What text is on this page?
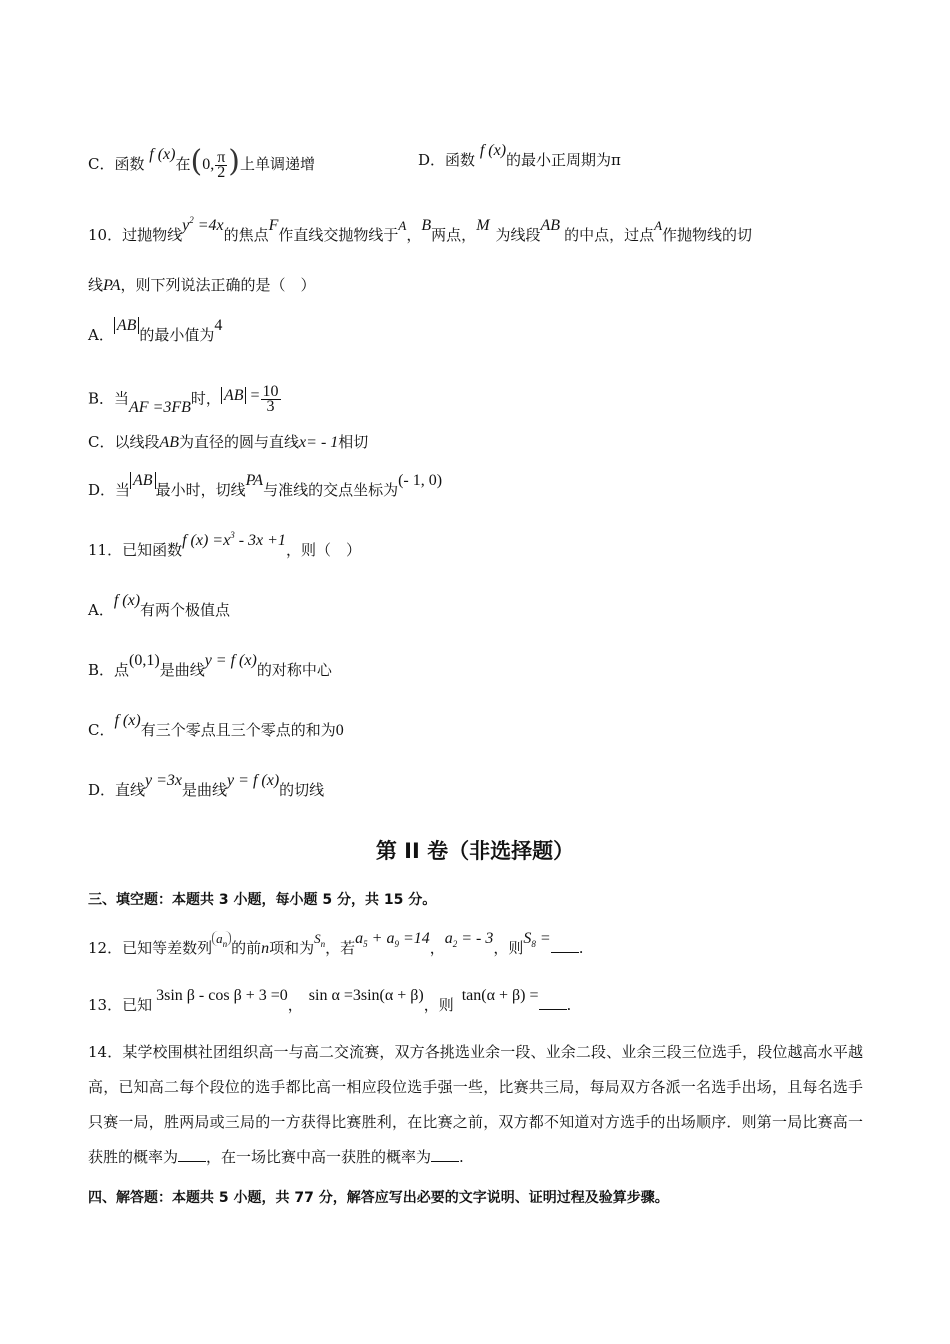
C．函数 f (x)在(0, $\frac{\pi}{2}$ )上单调递增	D．函数 f (x)的最小正周期为π
10．过抛物线$y^2 =4x$的焦点F作直线交抛物线于A，B两点，M为线段AB的中点，过点A作抛物线的切
线PA，则下列说法正确的是（　）
A．AB的最小值为4
B．当AF =3FB时， AB = $\frac{10}{3}$
C．以线段AB为直径的圆与直线x= - 1相切
D．当AB最小时，切线PA与准线的交点坐标为(- 1, 0)
11．已知函数f $(x) =x^3 - 3x +1$，则（　）
A．f (x)有两个极值点
B．点(0,1)是曲线y = f (x)的对称中心
C．f (x)有三个零点且三个零点的和为0
D．直线y =3x是曲线y = f (x)的切线
第 II 卷（非选择题）
三、填空题：本题共 3 小题，每小题 5 分，共 15 分。
12．已知等差数列$a_n$ 的前n项和为$S_n$，若$a_5 + a_9 =14$，$a_2$ = - 3，则$S_8$ =.
13．已知3sin β - cos β + 3 =0，sin α =3sin(α + β)，则tan(α + β) =.
14．某学校围棋社团组织高一与高二交流赛，双方各挑选业余一段、业余二段、业余三段三位选手，段位越高水平越高，已知高二每个段位的选手都比高一相应段位选手强一些，比赛共三局，每局双方各派一名选手出场，且每名选手只赛一局，胜两局或三局的一方获得比赛胜利，在比赛之前，双方都不知道对方选手的出场顺序．则第一局比赛高一获胜的概率为 ，在一场比赛中高一获胜的概率为 .
四、解答题：本题共 5 小题，共 77 分，解答应写出必要的文字说明、证明过程及验算步骤。
